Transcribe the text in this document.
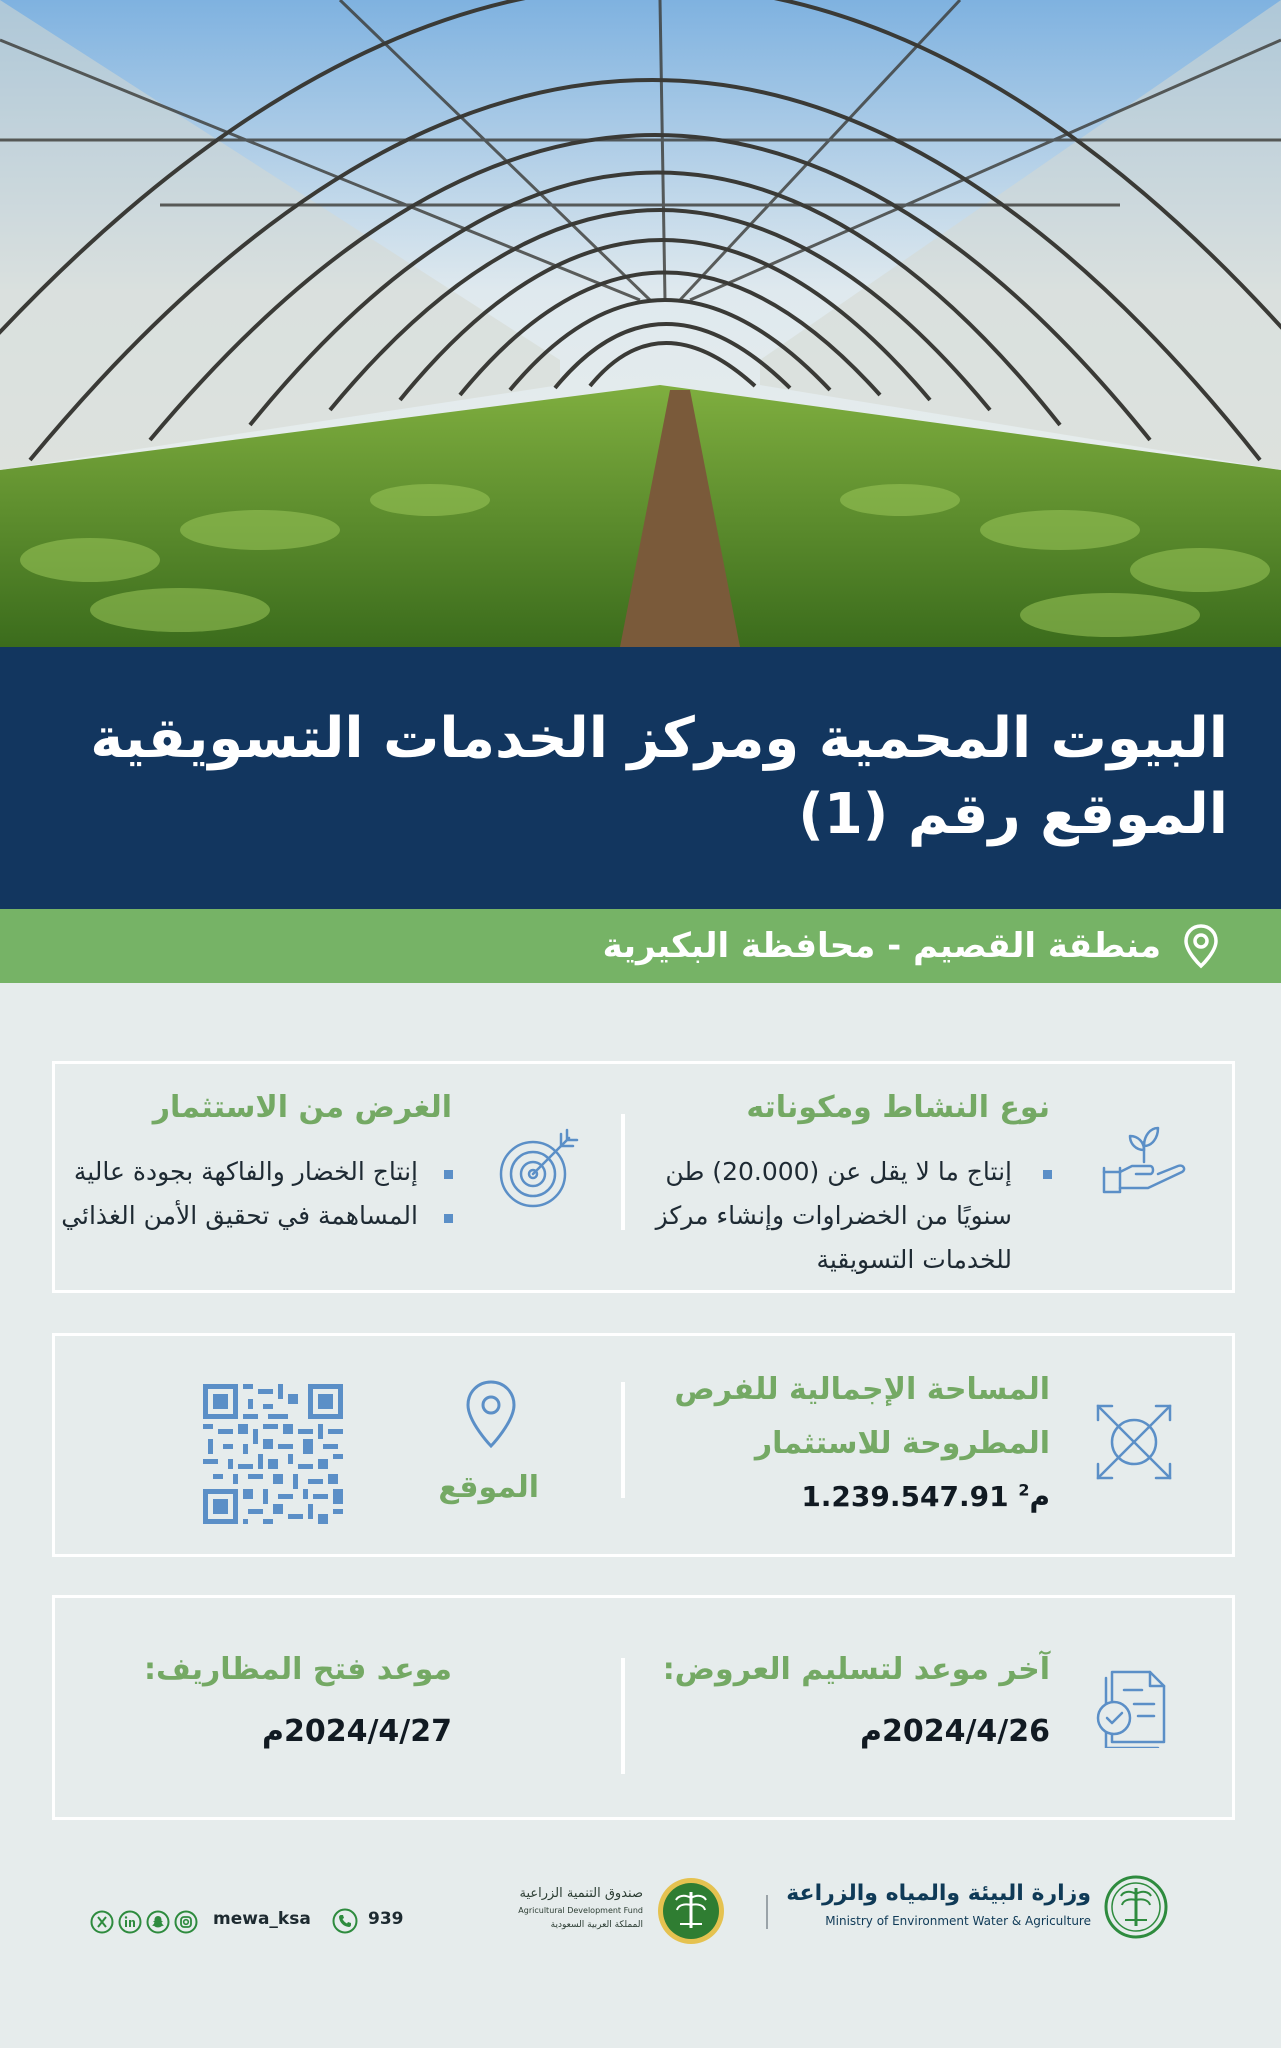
البيوت المحمية ومركز الخدمات التسويقية
الموقع رقم (1)
منطقة القصيم - محافظة البكيرية
نوع النشاط ومكوناته
إنتاج ما لا يقل عن (20.000) طن
سنويًا من الخضراوات وإنشاء مركز
للخدمات التسويقية
الغرض من الاستثمار
إنتاج الخضار والفاكهة بجودة عالية
المساهمة في تحقيق الأمن الغذائي
المساحة الإجمالية للفرص
المطروحة للاستثمار
م$^2$ 1.239.547.91
الموقع
آخر موعد لتسليم العروض:
2024/4/26م
موعد فتح المظاريف:
2024/4/27م
وزارة البيئة والمياه والزراعة
Ministry of Environment Water & Agriculture
صندوق التنمية الزراعية
Agricultural Development Fund
المملكة العربية السعودية
939
mewa_ksa
